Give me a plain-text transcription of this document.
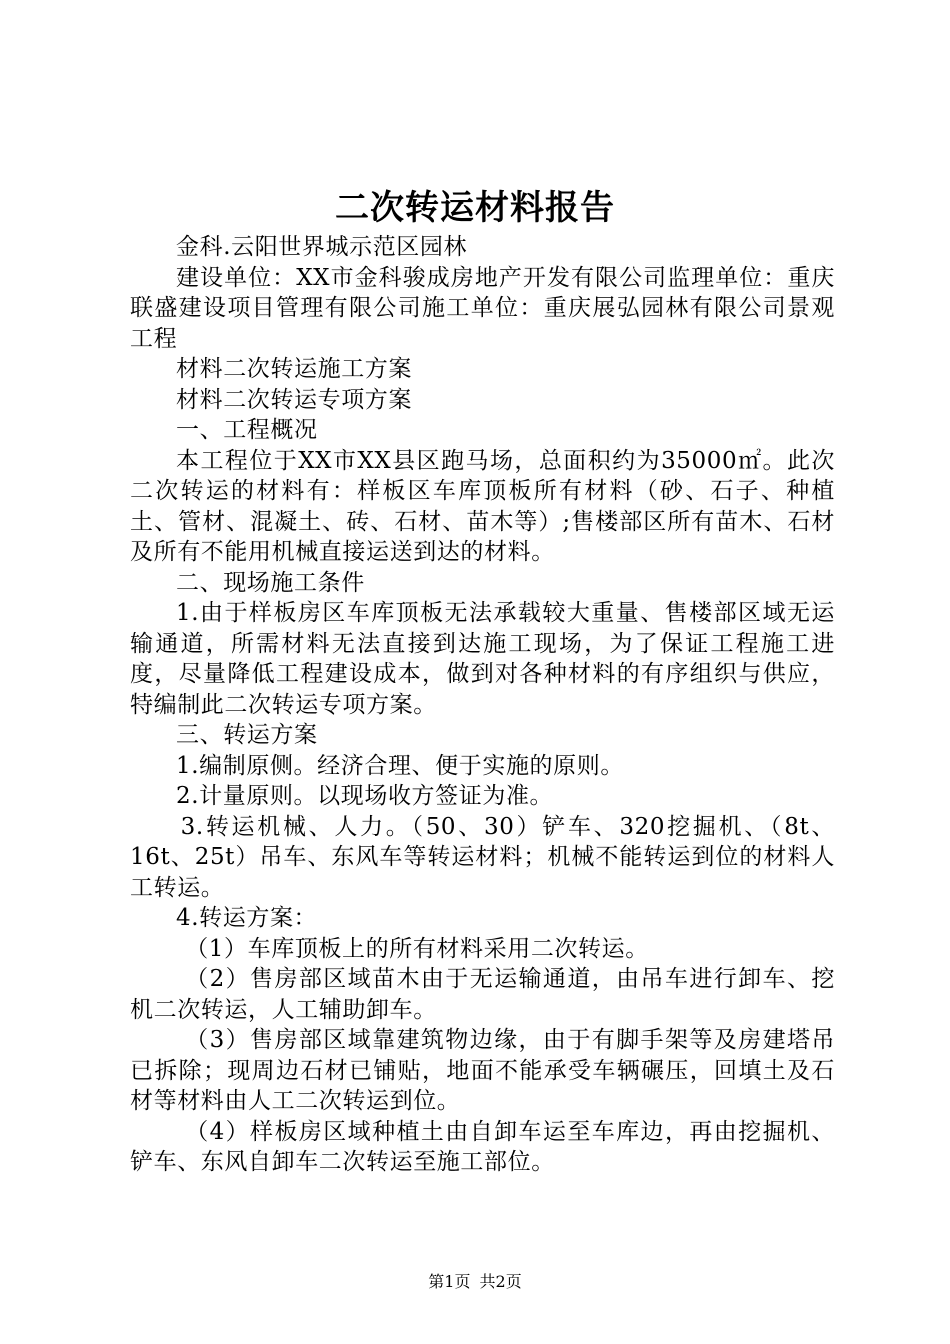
二次转运材料报告

金科.云阳世界城示范区园林

建设单位：XX市金科骏成房地产开发有限公司监理单位：重庆联盛建设项目管理有限公司施工单位：重庆展弘园林有限公司景观工程

材料二次转运施工方案

材料二次转运专项方案

一、工程概况

本工程位于XX市XX县区跑马场，总面积约为35000㎡。此次二次转运的材料有：样板区车库顶板所有材料（砂、石子、种植土、管材、混凝土、砖、石材、苗木等）;售楼部区所有苗木、石材及所有不能用机械直接运送到达的材料。

二、现场施工条件

1.由于样板房区车库顶板无法承载较大重量、售楼部区域无运输通道，所需材料无法直接到达施工现场，为了保证工程施工进度，尽量降低工程建设成本，做到对各种材料的有序组织与供应，特编制此二次转运专项方案。

三、转运方案

1.编制原侧。经济合理、便于实施的原则。

2.计量原则。以现场收方签证为准。

3.转运机械、人力。（50、30）铲车、320挖掘机、（8t、16t、25t）吊车、东风车等转运材料；机械不能转运到位的材料人工转运。

4.转运方案：

（1）车库顶板上的所有材料采用二次转运。

（2）售房部区域苗木由于无运输通道，由吊车进行卸车、挖机二次转运，人工辅助卸车。

（3）售房部区域靠建筑物边缘，由于有脚手架等及房建塔吊已拆除；现周边石材已铺贴，地面不能承受车辆碾压，回填土及石材等材料由人工二次转运到位。

（4）样板房区域种植土由自卸车运至车库边，再由挖掘机、铲车、东风自卸车二次转运至施工部位。

第1页 共2页
